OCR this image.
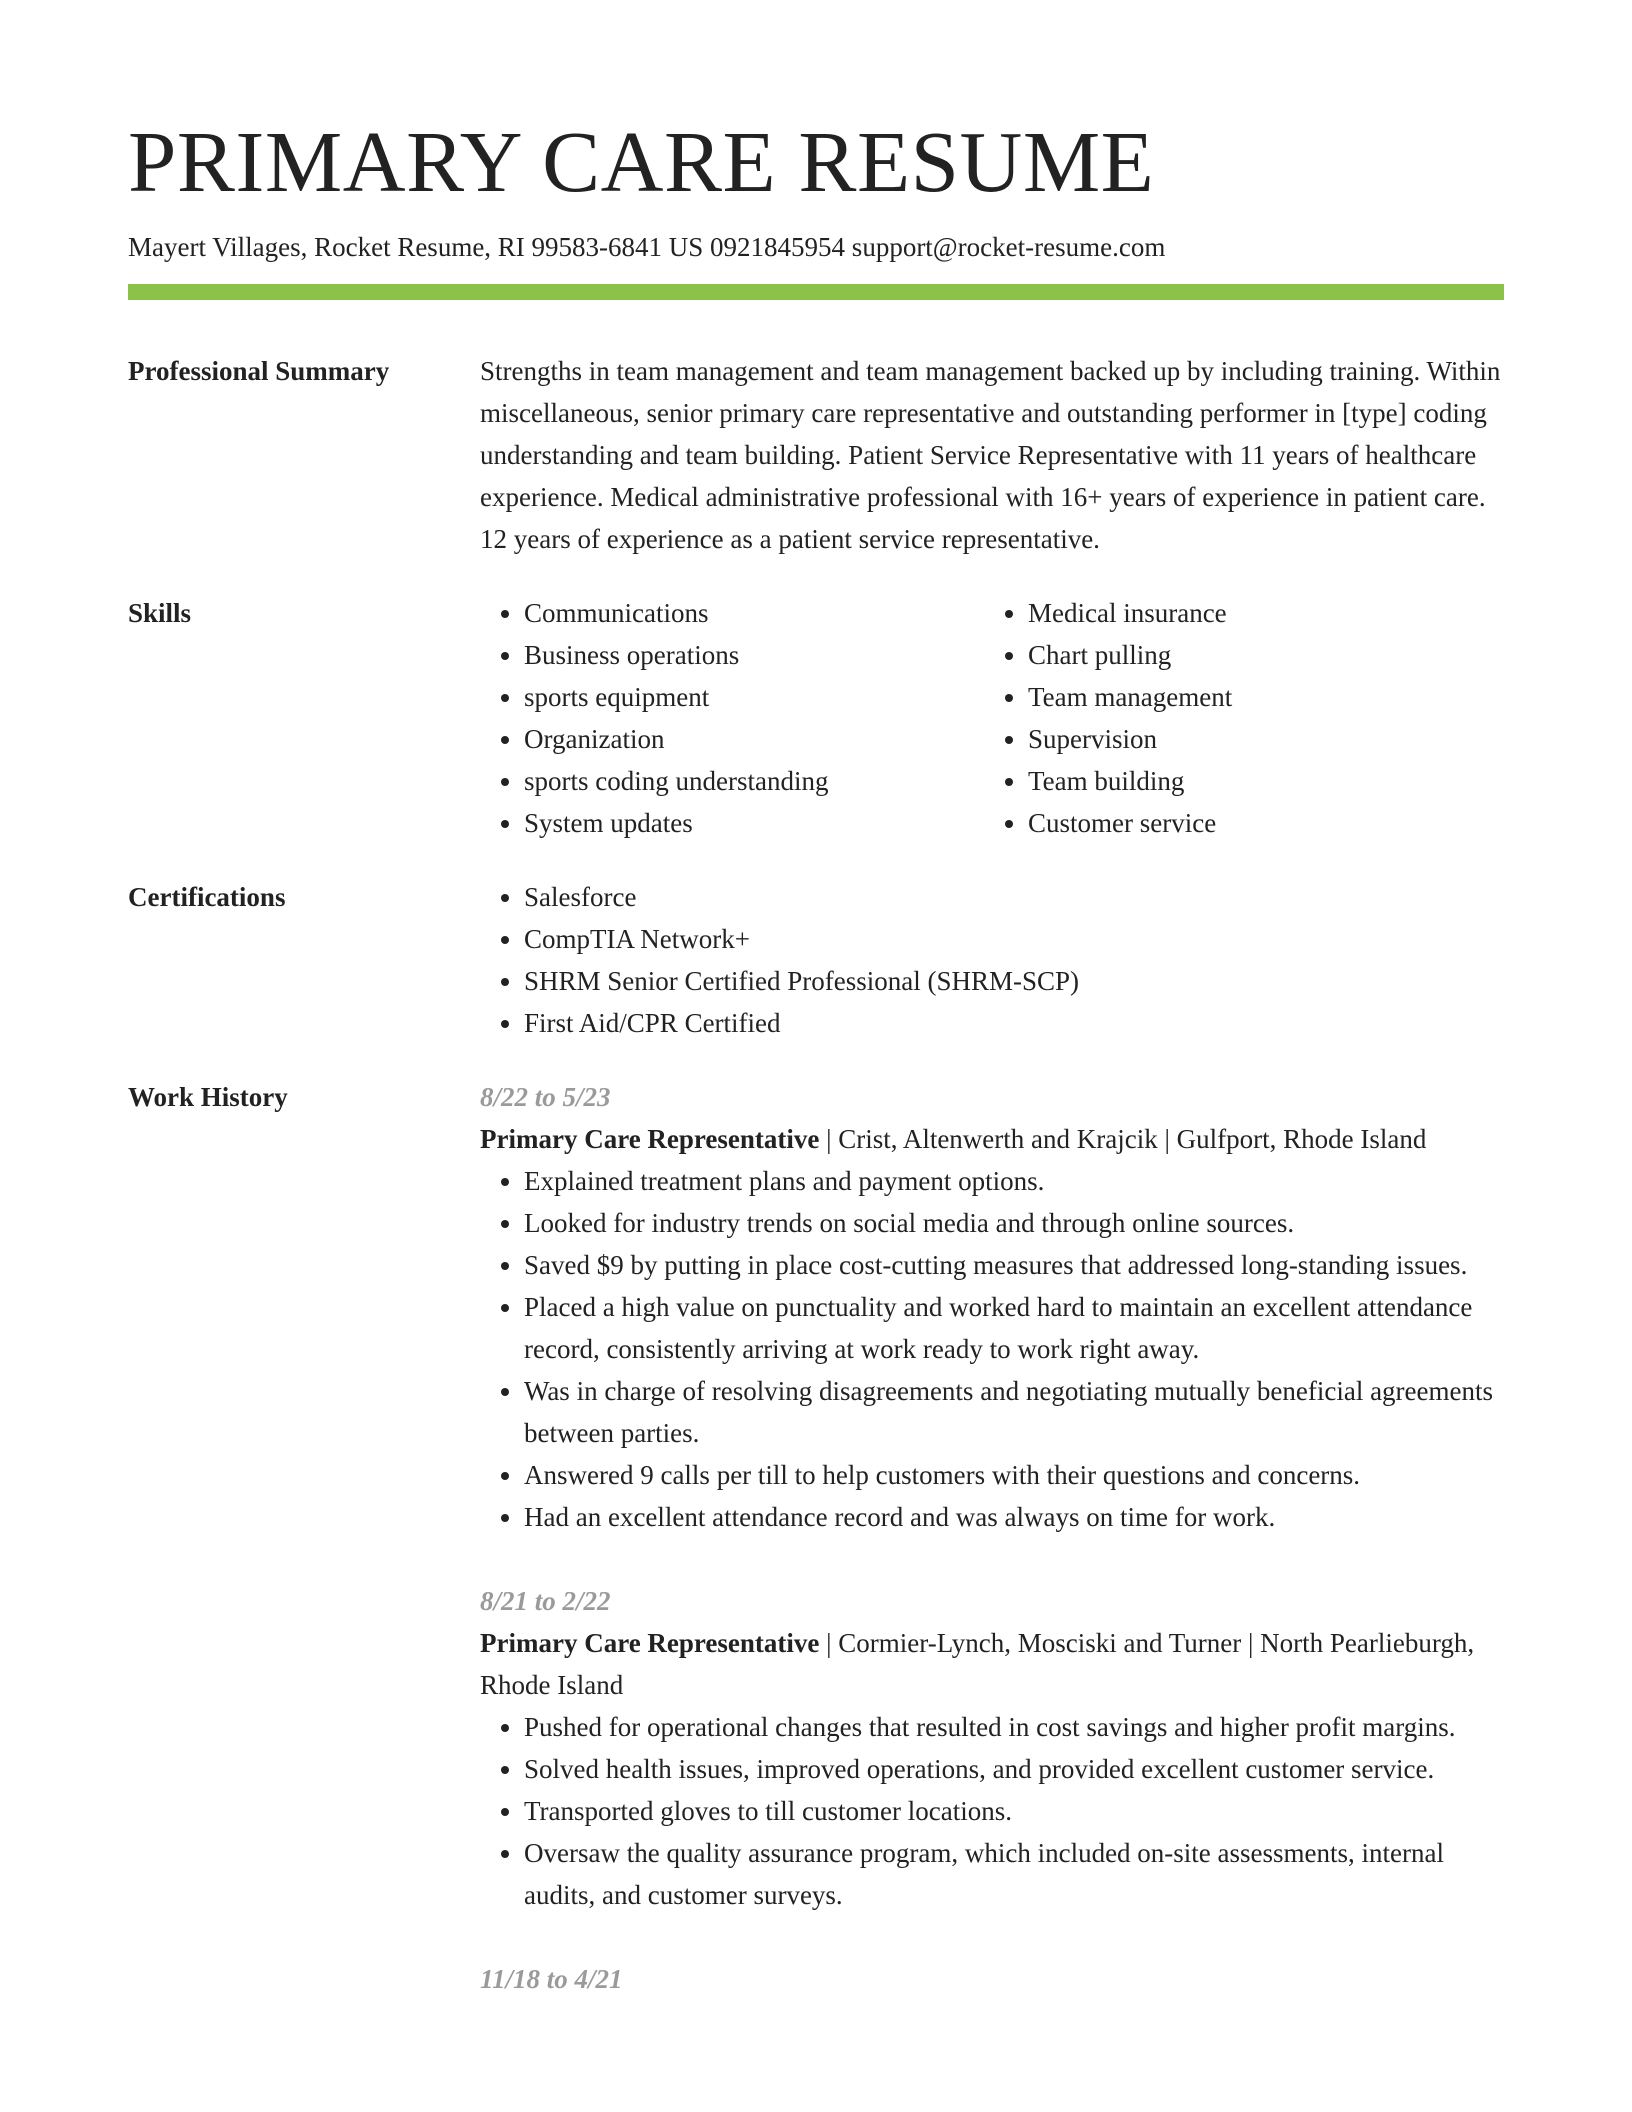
PRIMARY CARE RESUME
Mayert Villages, Rocket Resume, RI 99583-6841 US 0921845954 support@rocket-resume.com
Professional Summary	Strengths in team management and team management backed up by including training. Within miscellaneous, senior primary care representative and outstanding performer in [type] coding understanding and team building. Patient Service Representative with 11 years of healthcare experience. Medical administrative professional with 16+ years of experience in patient care. 12 years of experience as a patient service representative.
Skills	• Communications
• Business operations
• sports equipment
• Organization
• sports coding understanding
• System updates
• Medical insurance
• Chart pulling
• Team management
• Supervision
• Team building
• Customer service
Certifications	• Salesforce
• CompTIA Network+
• SHRM Senior Certified Professional (SHRM-SCP)
• First Aid/CPR Certified
Work History	8/22 to 5/23
Primary Care Representative | Crist, Altenwerth and Krajcik | Gulfport, Rhode Island
• Explained treatment plans and payment options.
• Looked for industry trends on social media and through online sources.
• Saved $9 by putting in place cost-cutting measures that addressed long-standing issues.
• Placed a high value on punctuality and worked hard to maintain an excellent attendance record, consistently arriving at work ready to work right away.
• Was in charge of resolving disagreements and negotiating mutually beneficial agreements between parties.
• Answered 9 calls per till to help customers with their questions and concerns.
• Had an excellent attendance record and was always on time for work.
8/21 to 2/22
Primary Care Representative | Cormier-Lynch, Mosciski and Turner | North Pearlieburgh, Rhode Island
• Pushed for operational changes that resulted in cost savings and higher profit margins.
• Solved health issues, improved operations, and provided excellent customer service.
• Transported gloves to till customer locations.
• Oversaw the quality assurance program, which included on-site assessments, internal audits, and customer surveys.
11/18 to 4/21
